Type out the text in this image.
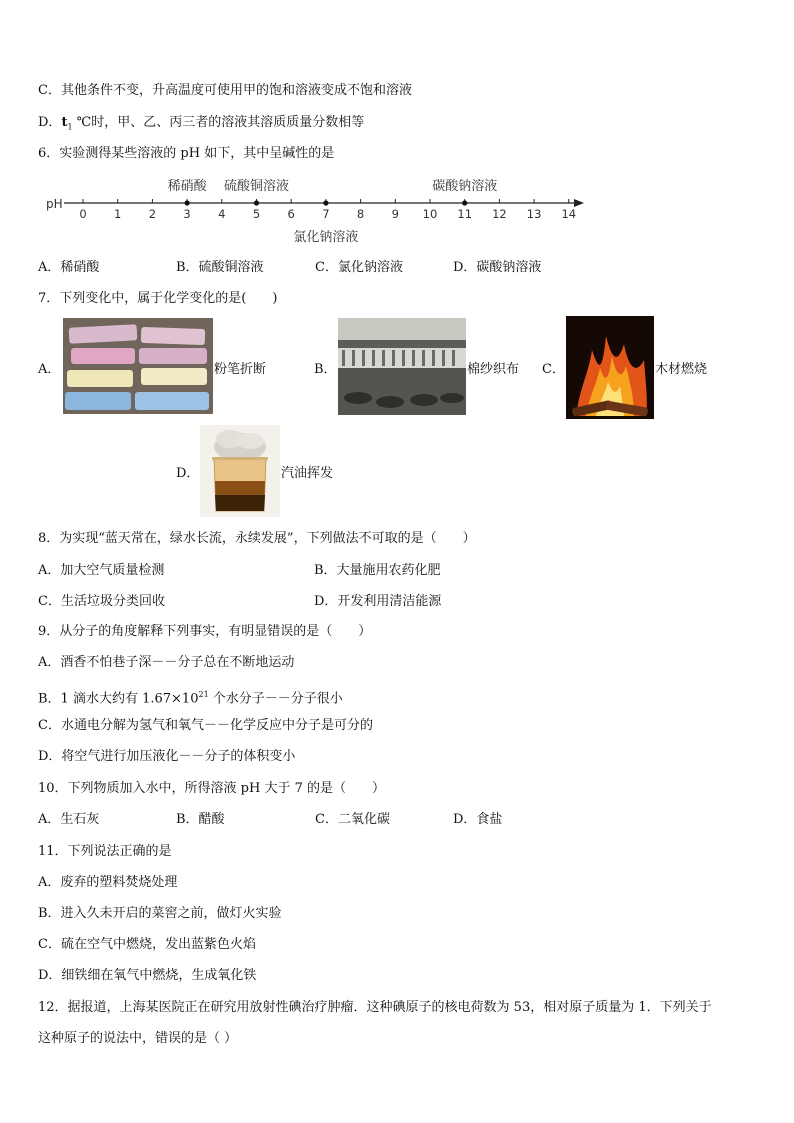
C．其他条件不变，升高温度可使用甲的饱和溶液变成不饱和溶液
D．$t_1$ ℃时，甲、乙、丙三者的溶液其溶质质量分数相等
6．实验测得某些溶液的 pH 如下，其中呈碱性的是
pH
0 1 2 3 4 5 6 7 8 9 10 11 12 13 14
稀硝酸 硫酸铜溶液
氯化钠溶液
碳酸钠溶液
A．稀硝酸	B．硫酸铜溶液	C．氯化钠溶液	D．碳酸钠溶液
7．下列变化中，属于化学变化的是(　　)
A．	粉笔折断	B．	棉纱织布 C．	木材燃烧
D．	汽油挥发
8．为实现“蓝天常在，绿水长流，永续发展”，下列做法不可取的是（　　）
A．加大空气质量检测	B．大量施用农药化肥
C．生活垃圾分类回收	D．开发利用清洁能源
9．从分子的角度解释下列事实，有明显错误的是（　　）
A．酒香不怕巷子深－－分子总在不断地运动
B．1 滴水大约有 $1.67\times 10^{21}$ 个水分子－－分子很小
C．水通电分解为氢气和氧气－－化学反应中分子是可分的
D．将空气进行加压液化－－分子的体积变小
10．下列物质加入水中，所得溶液 pH 大于 7 的是（　　）
A．生石灰	B．醋酸	C．二氧化碳	D．食盐
11．下列说法正确的是
A．废弃的塑料焚烧处理
B．进入久未开启的菜窖之前，做灯火实验
C．硫在空气中燃烧，发出蓝紫色火焰
D．细铁细在氧气中燃烧，生成氧化铁
12．据报道，上海某医院正在研究用放射性碘治疗肿瘤．这种碘原子的核电荷数为 53，相对原子质量为 1．下列关于
这种原子的说法中，错误的是（ ）
